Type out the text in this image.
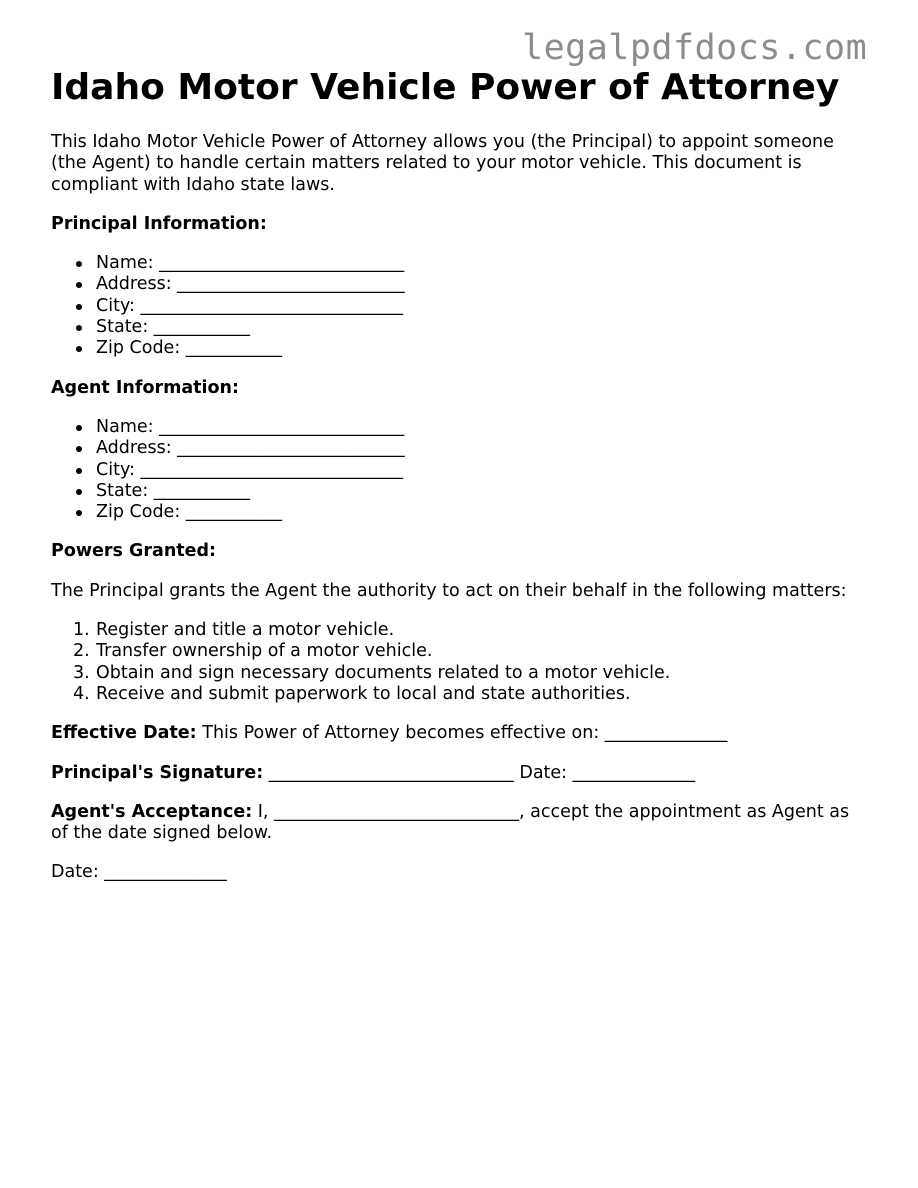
legalpdfdocs.com
Idaho Motor Vehicle Power of Attorney

This Idaho Motor Vehicle Power of Attorney allows you (the Principal) to appoint someone (the Agent) to handle certain matters related to your motor vehicle. This document is compliant with Idaho state laws.

Principal Information:

Name: ____________________________
Address: __________________________
City: ______________________________
State: ___________
Zip Code: ___________

Agent Information:

Name: ____________________________
Address: __________________________
City: ______________________________
State: ___________
Zip Code: ___________

Powers Granted:

The Principal grants the Agent the authority to act on their behalf in the following matters:

1. Register and title a motor vehicle.
2. Transfer ownership of a motor vehicle.
3. Obtain and sign necessary documents related to a motor vehicle.
4. Receive and submit paperwork to local and state authorities.

Effective Date: This Power of Attorney becomes effective on: ______________

Principal's Signature: ____________________________ Date: ______________

Agent's Acceptance: I, ____________________________, accept the appointment as Agent as of the date signed below.

Date: ______________
